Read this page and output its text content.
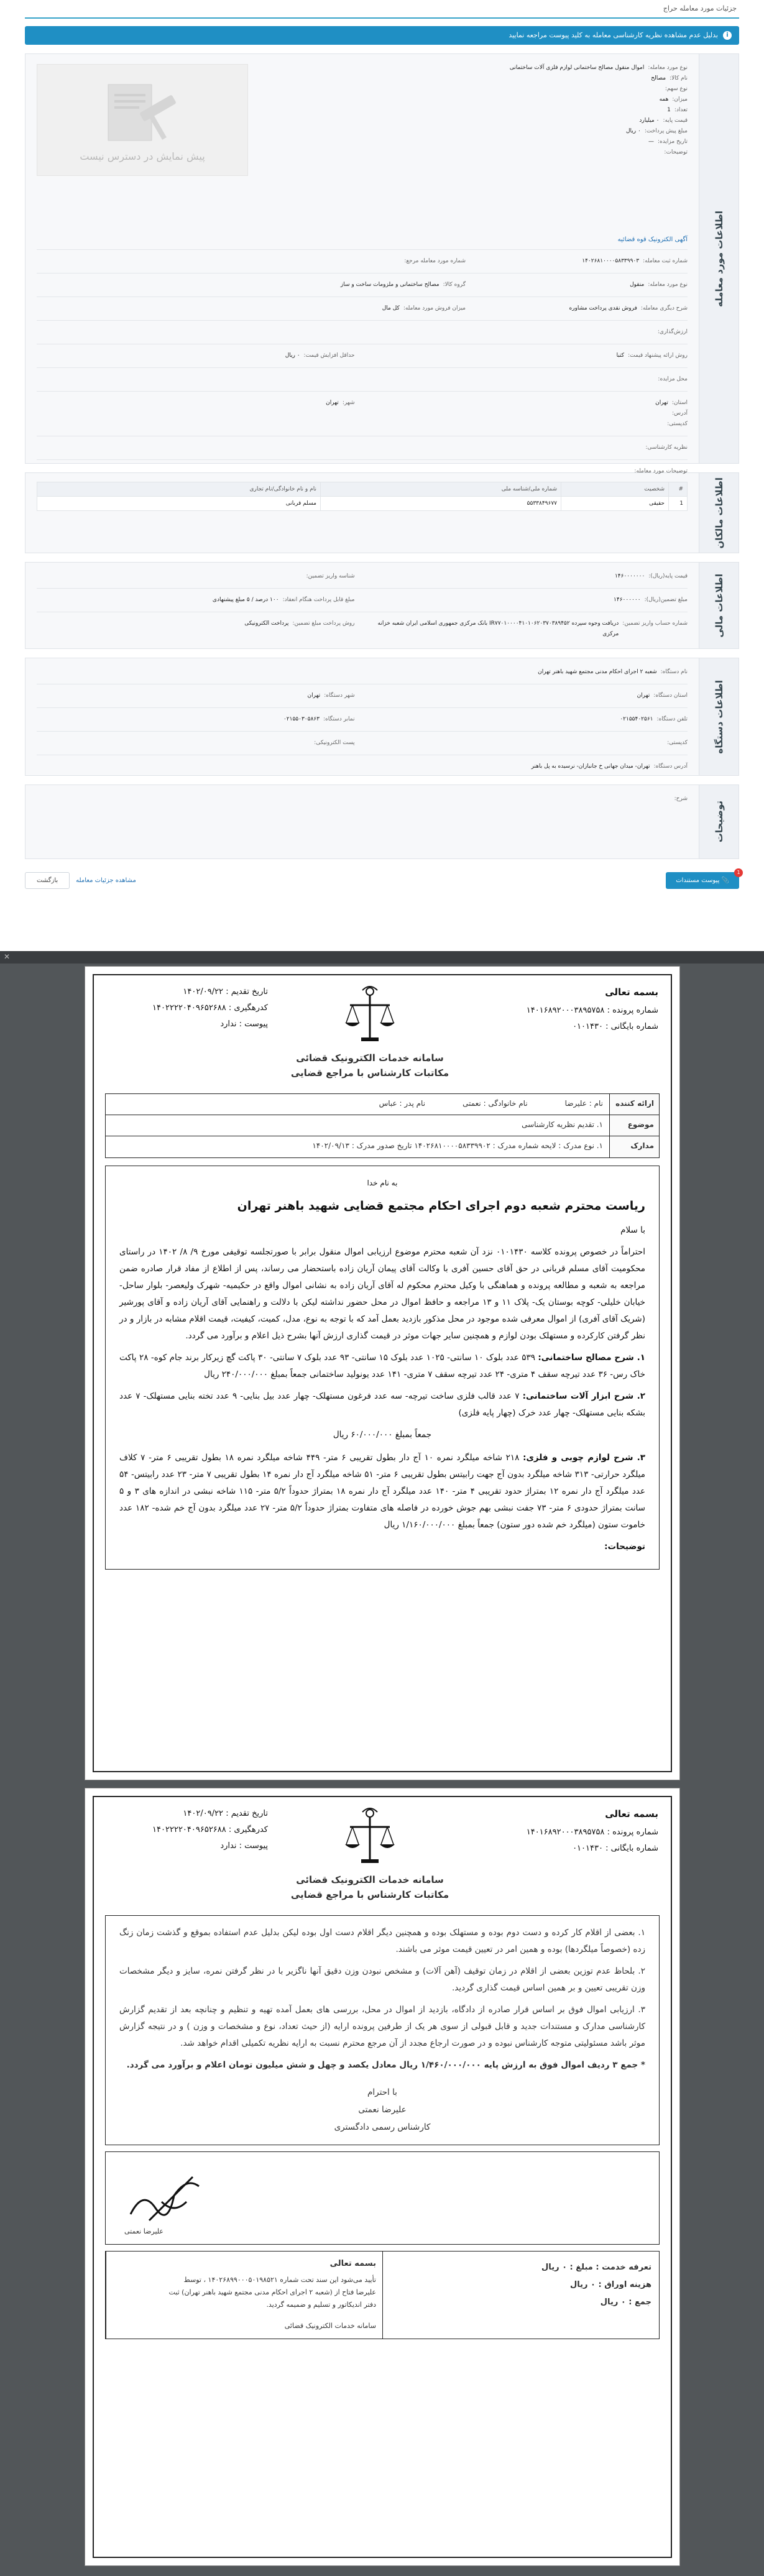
جزئیات مورد معامله حراج
i
بدلیل عدم مشاهده نظریه کارشناسی معامله به کلید پیوست مراجعه نمایید
اطلاعات مورد معامله
پیش نمایش در دسترس نیست
نوع مورد معامله:
اموال منقول مصالح ساختمانی لوازم فلزی آلات ساختمانی
نام کالا:
مصالح
نوع سهم:
میزان:
همه
تعداد:
1
قیمت پایه:
۰ میلیارد
مبلغ پیش پرداخت:
۰ ریال
تاریخ مزایده:
—
توضیحات:
آگهی الکترونیک قوه قضائیه
شماره ثبت معامله:
۱۴۰۲۶۸۱۰۰۰۰۵۸۳۳۹۹۰۳
شماره مورد معامله مرجع:
نوع مورد معامله:
منقول
گروه کالا:
مصالح ساختمانی و ملزومات ساخت و ساز
شرح دیگری معامله:
فروش نقدی پرداخت مشاوره
میزان فروش مورد معامله:
کل مال
ارزش‌گذاری:
روش ارائه پیشنهاد قیمت:
کتبا
حداقل افزایش قیمت:
۰ ریال
محل مزایده:
استان:
تهران
شهر:
تهران
آدرس:
کدپستی:
نظریه کارشناسی:
توضیحات مورد معامله:
اطلاعات مالکان
#	شخصیت	شماره ملی/شناسه ملی	نام و نام خانوادگی/نام تجاری
1	حقیقی	۵۵۳۳۸۴۹۶۷۷	مسلم قربانی
اطلاعات مالی
قیمت پایه(ریال):
۱۴۶۰۰۰۰۰۰۰
شناسه واریز تضمین:
مبلغ تضمین(ریال):
۱۴۶۰۰۰۰۰۰
مبلغ قابل پرداخت هنگام انعقاد:
۱۰۰ درصد / ۵ مبلغ پیشنهادی
شماره حساب واریز تضمین:
دریافت وجوه سپرده IR۷۷۰۱۰۰۰۰۴۱۰۱۰۶۲۰۳۷۰۳۸۹۴۵۲ بانک مرکزی جمهوری اسلامی ایران شعبه خزانه مرکزی
روش پرداخت مبلغ تضمین:
پرداخت الکترونیکی
اطلاعات دستگاه
نام دستگاه:
شعبه ۲ اجرای احکام مدنی مجتمع شهید باهنر تهران
استان دستگاه:
تهران
شهر دستگاه:
تهران
تلفن دستگاه:
۰۲۱۵۵۴۰۲۵۶۱
نمابر دستگاه:
۰۲۱۵۵۰۳۰۵۸۶۳
کدپستی:
پست الکترونیکی:
آدرس دستگاه:
تهران- میدان جهانی خ جانبازان- نرسیده به پل باهنر
توضیحات
شرح:
1
📎 پیوست مستندات
مشاهده جزئیات معامله
بازگشت
✕
بسمه تعالی
شماره پرونده : ۱۴۰۱۶۸۹۲۰۰۰۳۸۹۵۷۵۸
شماره بایگانی : ۰۱۰۱۴۳۰
سامانه خدمات الکترونیک قضائی
مکاتبات کارشناس با مراجع قضایی
تاریخ تقدیم : ۱۴۰۲/۰۹/۲۲
کدرهگیری : ۱۴۰۲۲۲۲۰۴۰۹۶۵۲۶۸۸
پیوست : ندارد
ارائه کننده
نام : علیرضا
نام خانوادگی : نعمتی
نام پدر : عباس
موضوع
۱. تقدیم نظریه کارشناسی
مدارک
۱. نوع مدرک : لایحه شماره مدرک : ۱۴۰۲۶۸۱۰۰۰۰۵۸۳۳۹۹۰۲ تاریخ صدور مدرک : ۱۴۰۲/۰۹/۱۳
به نام خدا
ریاست محترم شعبه دوم اجرای احکام مجتمع قضایی شهید باهنر تهران

با سلام

احتراماً در خصوص پرونده کلاسه ۰۱۰۱۴۳۰ نزد آن شعبه محترم موضوع ارزیابی اموال منقول برابر با صورتجلسه توقیفی مورخ ۹/ ۸/ ۱۴۰۲ در راستای محکومیت آقای مسلم قربانی در حق آقای حسین آفری با وکالت آقای پیمان آریان زاده باستحضار می رساند، پس از اطلاع از مفاد قرار صادره ضمن مراجعه به شعبه و مطالعه پرونده و هماهنگی با وکیل محترم محکوم له آقای آریان زاده به نشانی اموال واقع در حکیمیه- شهرک ولیعصر- بلوار ساحل- خیابان خلیلی- کوچه بوستان یک- پلاک ۱۱ و ۱۳ مراجعه و حافظ اموال در محل حضور نداشته لیکن با دلالت و راهنمایی آقای آریان زاده و آقای پورشیر (شریک آقای آفری) از اموال معرفی شده موجود در محل مذکور بازدید بعمل آمد که با توجه به نوع، مدل، کمیت، کیفیت، قیمت اقلام مشابه در بازار و در نظر گرفتن کارکرده و مستهلک بودن لوازم و همچنین سایر جهات موثر در قیمت گذاری ارزش آنها بشرح ذیل اعلام و برآورد می گردد.

۱. شرح مصالح ساختمانی: ۵۳۹ عدد بلوک ۱۰ سانتی- ۱۰۲۵ عدد بلوک ۱۵ سانتی- ۹۳ عدد بلوک ۷ سانتی- ۳۰ پاکت گچ زیرکار برند جام کوه- ۲۸ پاکت خاک رس- ۳۶ عدد تیرچه سقف ۴ متری- ۲۴ عدد تیرچه سقف ۷ متری- ۱۴۱ عدد یونولید ساختمانی جمعاً بمبلغ ۲۴۰/۰۰۰/۰۰۰ ریال

۲. شرح ابزار آلات ساختمانی: ۷ عدد قالب فلزی ساخت تیرچه- سه عدد فرغون مستهلک- چهار عدد بیل بنایی- ۹ عدد تخته بنایی مستهلک- ۷ عدد بشکه بنایی مستهلک- چهار عدد خرک (چهار پایه فلزی)

جمعاً بمبلغ ۶۰/۰۰۰/۰۰۰ ریال

۳. شرح لوازم چوبی و فلزی: ۲۱۸ شاخه میلگرد نمره ۱۰ آج دار بطول تقریبی ۶ متر- ۴۴۹ شاخه میلگرد نمره ۱۸ بطول تقریبی ۶ متر- ۷ کلاف میلگرد حرارتی- ۳۱۳ شاخه میلگرد بدون آج جهت رابیتس بطول تقریبی ۶ متر- ۵۱ شاخه میلگرد آج دار نمره ۱۴ بطول تقریبی ۷ متر- ۲۳ عدد رابیتس- ۵۴ عدد میلگرد آج دار نمره ۱۲ بمتراژ حدود تقریبی ۴ متر- ۱۴۰ عدد میلگرد آج دار نمره ۱۸ بمتراژ حدوداً ۵/۲ متر- ۱۱۵ شاخه نبشی در اندازه های ۳ و ۵ سانت بمتراژ حدودی ۶ متر- ۷۳ جفت نبشی بهم جوش خورده در فاصله های متفاوت بمتراژ حدوداً ۵/۲ متر- ۲۷ عدد میلگرد بدون آج خم شده- ۱۸۲ عدد خاموت ستون (میلگرد خم شده دور ستون) جمعاً بمبلغ ۱/۱۶۰/۰۰۰/۰۰۰ ریال

توضیحات:

بسمه تعالی
شماره پرونده : ۱۴۰۱۶۸۹۲۰۰۰۳۸۹۵۷۵۸
شماره بایگانی : ۰۱۰۱۴۳۰
سامانه خدمات الکترونیک قضائی
مکاتبات کارشناس با مراجع قضایی
تاریخ تقدیم : ۱۴۰۲/۰۹/۲۲
کدرهگیری : ۱۴۰۲۲۲۲۰۴۰۹۶۵۲۶۸۸
پیوست : ندارد

۱. بعضی از اقلام کار کرده و دست دوم بوده و مستهلک بوده و همچنین دیگر اقلام دست اول بوده لیکن بدلیل عدم استفاده بموقع و گذشت زمان زنگ زده (خصوصاً میلگردها) بوده و همین امر در تعیین قیمت موثر می باشند.

۲. بلحاظ عدم توزین بعضی از اقلام در زمان توقیف (آهن آلات) و مشخص نبودن وزن دقیق آنها ناگزیر با در نظر گرفتن نمره، سایز و دیگر مشخصات وزن تقریبی تعیین و بر همین اساس قیمت گذاری گردید.

۳. ارزیابی اموال فوق بر اساس قرار صادره از دادگاه، بازدید از اموال در محل، بررسی های بعمل آمده تهیه و تنظیم و چنانچه بعد از تقدیم گزارش کارشناسی مدارک و مستندات جدید و قابل قبولی از سوی هر یک از طرفین پرونده ارایه (از حیث تعداد، نوع و مشخصات و وزن ) و در نتیجه گزارش موثر باشد مسئولیتی متوجه کارشناس نبوده و در صورت ارجاع مجدد از آن مرجع محترم نسبت به ارایه نظریه تکمیلی اقدام خواهد شد.

* جمع ۳ ردیف اموال فوق به ارزش پایه ۱/۴۶۰/۰۰۰/۰۰۰ ریال معادل یکصد و چهل و شش میلیون تومان اعلام و برآورد می گردد.

با احترام
علیرضا نعمتی
کارشناس رسمی دادگستری
علیرضا نعمتی
تعرفه خدمت : مبلغ : ۰ ریال
هزینه اوراق : ۰ ریال
جمع : ۰ ریال
بسمه تعالی
تأیید می‌شود این سند تحت شماره ۱۴۰۲۶۸۹۹۰۰۰۵۰۱۹۸۵۲۱ ، توسط علیرضا فتاح از (شعبه ۲ اجرای احکام مدنی مجتمع شهید باهنر تهران) ثبت دفتر اندیکاتور و تسلیم و ضمیمه گردید.
سامانه خدمات الکترونیک قضائی
